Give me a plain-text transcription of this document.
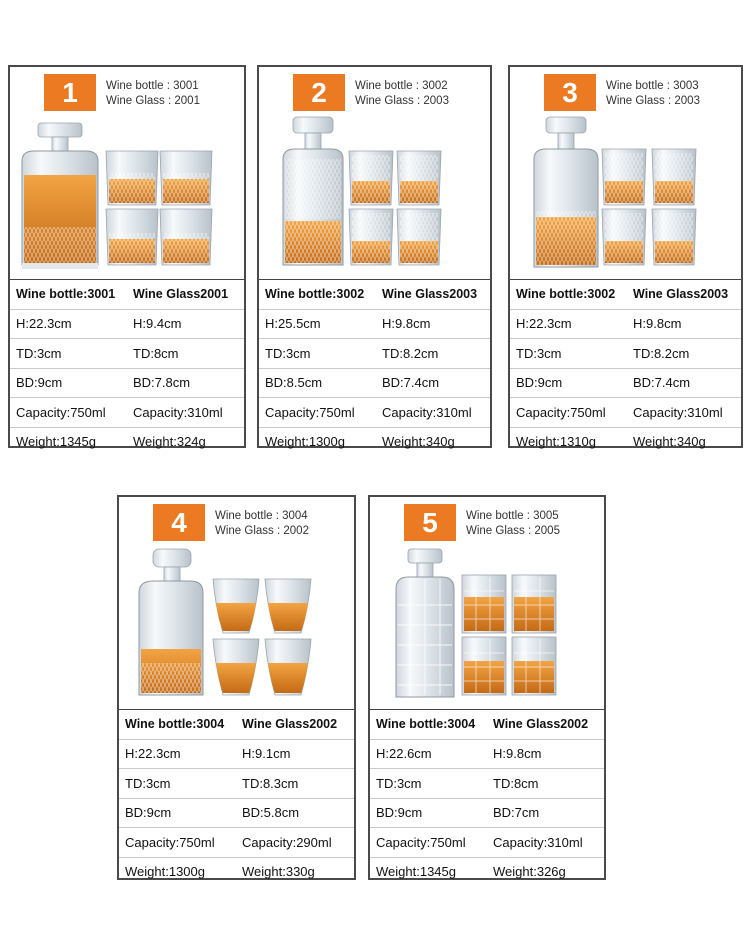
1	Wine bottle : 3001
Wine Glass : 2001
Wine bottle:3001	Wine Glass2001
H:22.3cm	H:9.4cm
TD:3cm	TD:8cm
BD:9cm	BD:7.8cm
Capacity:750ml	Capacity:310ml
Weight:1345g	Weight:324g
2	Wine bottle : 3002
Wine Glass : 2003
Wine bottle:3002	Wine Glass2003
H:25.5cm	H:9.8cm
TD:3cm	TD:8.2cm
BD:8.5cm	BD:7.4cm
Capacity:750ml	Capacity:310ml
Weight:1300g	Weight:340g
3	Wine bottle : 3003
Wine Glass : 2003
Wine bottle:3002	Wine Glass2003
H:22.3cm	H:9.8cm
TD:3cm	TD:8.2cm
BD:9cm	BD:7.4cm
Capacity:750ml	Capacity:310ml
Weight:1310g	Weight:340g
4	Wine bottle : 3004
Wine Glass : 2002
Wine bottle:3004	Wine Glass2002
H:22.3cm	H:9.1cm
TD:3cm	TD:8.3cm
BD:9cm	BD:5.8cm
Capacity:750ml	Capacity:290ml
Weight:1300g	Weight:330g
5	Wine bottle : 3005
Wine Glass : 2005
Wine bottle:3004	Wine Glass2002
H:22.6cm	H:9.8cm
TD:3cm	TD:8cm
BD:9cm	BD:7cm
Capacity:750ml	Capacity:310ml
Weight:1345g	Weight:326g
